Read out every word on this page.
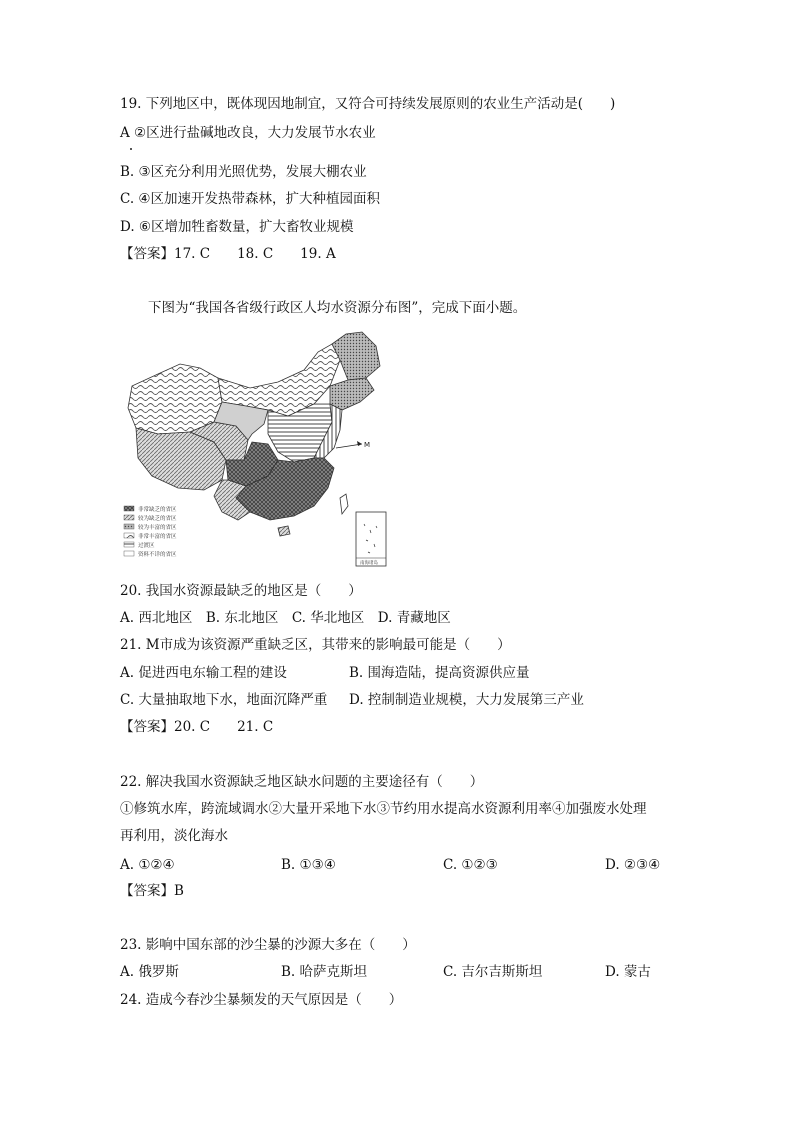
19. 下列地区中，既体现因地制宜，又符合可持续发展原则的农业生产活动是(　　)
A ②区进行盐碱地改良，大力发展节水农业
B. ③区充分利用光照优势，发展大棚农业
C. ④区加速开发热带森林，扩大种植园面积
D. ⑥区增加牲畜数量，扩大畜牧业规模
【答案】17. C　　18. C　　19. A
下图为“我国各省级行政区人均水资源分布图”，完成下面小题。
M
非常缺乏的省区
较为缺乏的省区
较为丰富的省区
非常丰富的省区
过渡区
资料不详的省区
南海诸岛
20. 我国水资源最缺乏的地区是（　　）
A. 西北地区　B. 东北地区　C. 华北地区　D. 青藏地区
21. M市成为该资源严重缺乏区，其带来的影响最可能是（　　）
A. 促进西电东输工程的建设	B. 围海造陆，提高资源供应量
C. 大量抽取地下水，地面沉降严重 D. 控制制造业规模，大力发展第三产业
【答案】20. C　　21. C
22. 解决我国水资源缺乏地区缺水问题的主要途径有（　　）
①修筑水库，跨流域调水②大量开采地下水③节约用水提高水资源利用率④加强废水处理
再利用，淡化海水
A. ①②④	B. ①③④	C. ①②③	D. ②③④
【答案】B
23. 影响中国东部的沙尘暴的沙源大多在（　　）
A. 俄罗斯	B. 哈萨克斯坦	C. 吉尔吉斯斯坦	D. 蒙古
24. 造成今春沙尘暴频发的天气原因是（　　）
